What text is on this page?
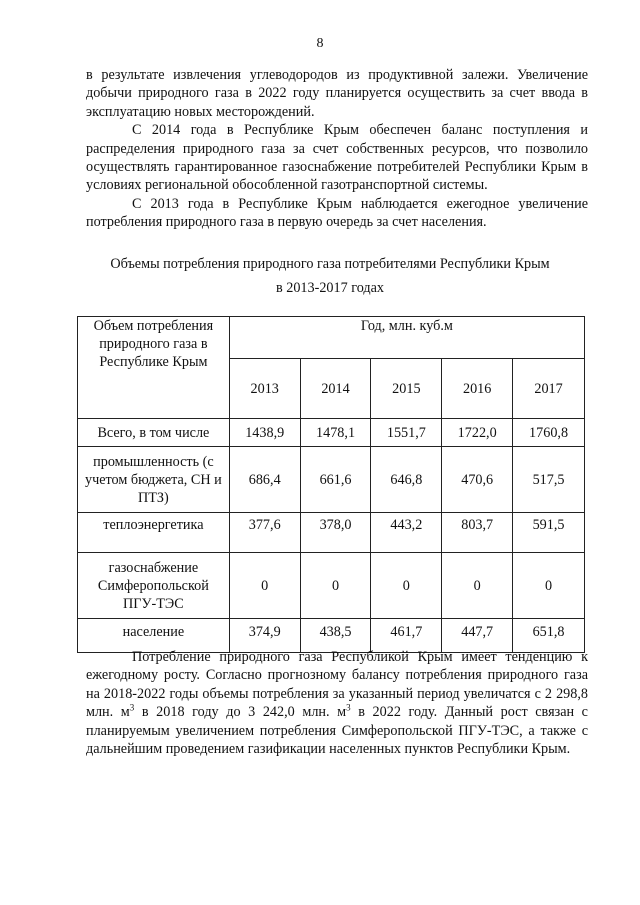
8

в результате извлечения углеводородов из продуктивной залежи. Увеличение добычи природного газа в 2022 году планируется осуществить за счет ввода в эксплуатацию новых месторождений.

С 2014 года в Республике Крым обеспечен баланс поступления и распределения природного газа за счет собственных ресурсов, что позволило осуществлять гарантированное газоснабжение потребителей Республики Крым в условиях региональной обособленной газотранспортной системы.

С 2013 года в Республике Крым наблюдается ежегодное увеличение потребления природного газа в первую очередь за счет населения.

Объемы потребления природного газа потребителями Республики Крым
в 2013-2017 годах
Объем потребления природного газа в Республике Крым	Год, млн. куб.м				
	2013	2014	2015	2016	2017
Всего, в том числе	1438,9	1478,1	1551,7	1722,0	1760,8
промышленность (с учетом бюджета, СН и ПТЗ)	686,4	661,6	646,8	470,6	517,5
теплоэнергетика	377,6	378,0	443,2	803,7	591,5
газоснабжение Симферопольской ПГУ-ТЭС	0	0	0	0	0
население	374,9	438,5	461,7	447,7	651,8

Потребление природного газа Республикой Крым имеет тенденцию к ежегодному росту. Согласно прогнозному балансу потребления природного газа на 2018-2022 годы объемы потребления за указанный период увеличатся с 2 298,8 млн. $м^3$ в 2018 году до 3 242,0 млн. $м^3$ в 2022 году. Данный рост связан с планируемым увеличением потребления Симферопольской ПГУ-ТЭС, а также с дальнейшим проведением газификации населенных пунктов Республики Крым.
